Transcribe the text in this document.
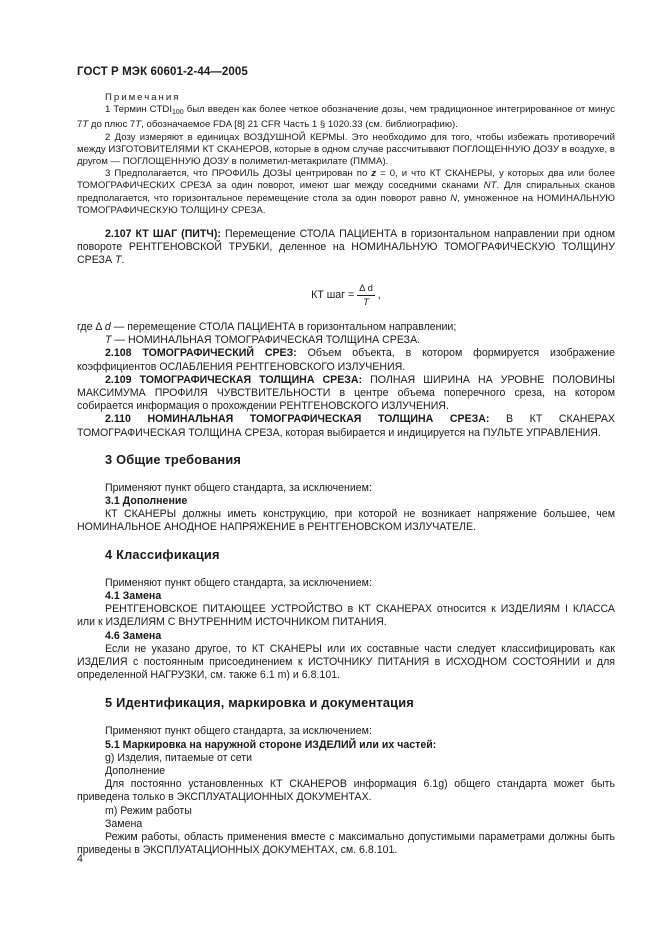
ГОСТ Р МЭК 60601-2-44—2005

Примечания

1 Термин $CTDI_{100}$ был введен как более четкое обозначение дозы, чем традиционное интегрированное от минус 7T до плюс 7T, обозначаемое FDA [8] 21 CFR Часть 1 § 1020.33 (см. библиографию).

2 Дозу измеряют в единицах ВОЗДУШНОЙ КЕРМЫ. Это необходимо для того, чтобы избежать противоречий между ИЗГОТОВИТЕЛЯМИ КТ СКАНЕРОВ, которые в одном случае рассчитывают ПОГЛОЩЕННУЮ ДОЗУ в воздухе, в другом — ПОГЛОЩЕННУЮ ДОЗУ в полиметил-метакрилате (ПММА).

3 Предполагается, что ПРОФИЛЬ ДОЗЫ центрирован по z = 0, и что КТ СКАНЕРЫ, у которых два или более ТОМОГРАФИЧЕСКИХ СРЕЗА за один поворот, имеют шаг между соседними сканами NT. Для спиральных сканов предполагается, что горизонтальное перемещение стола за один поворот равно N, умноженное на НОМИНАЛЬНУЮ ТОМОГРАФИЧЕСКУЮ ТОЛЩИНУ СРЕЗА.

2.107 КТ ШАГ (ПИТЧ): Перемещение СТОЛА ПАЦИЕНТА в горизонтальном направлении при одном повороте РЕНТГЕНОВСКОЙ ТРУБКИ, деленное на НОМИНАЛЬНУЮ ТОМОГРАФИЧЕСКУЮ ТОЛЩИНУ СРЕЗА T.

КТ шаг = $\frac{\text{Δ d}}{T}$ ,

где Δ d — перемещение СТОЛА ПАЦИЕНТА в горизонтальном направлении;

T — НОМИНАЛЬНАЯ ТОМОГРАФИЧЕСКАЯ ТОЛЩИНА СРЕЗА.

2.108 ТОМОГРАФИЧЕСКИЙ СРЕЗ: Объем объекта, в котором формируется изображение коэффициентов ОСЛАБЛЕНИЯ РЕНТГЕНОВСКОГО ИЗЛУЧЕНИЯ.

2.109 ТОМОГРАФИЧЕСКАЯ ТОЛЩИНА СРЕЗА: ПОЛНАЯ ШИРИНА НА УРОВНЕ ПОЛОВИНЫ МАКСИМУМА ПРОФИЛЯ ЧУВСТВИТЕЛЬНОСТИ в центре объема поперечного среза, на котором собирается информация о прохождении РЕНТГЕНОВСКОГО ИЗЛУЧЕНИЯ.

2.110 НОМИНАЛЬНАЯ ТОМОГРАФИЧЕСКАЯ ТОЛЩИНА СРЕЗА: В КТ СКАНЕРАХ ТОМОГРАФИЧЕСКАЯ ТОЛЩИНА СРЕЗА, которая выбирается и индицируется на ПУЛЬТЕ УПРАВЛЕНИЯ.

3 Общие требования

Применяют пункт общего стандарта, за исключением:

3.1 Дополнение

КТ СКАНЕРЫ должны иметь конструкцию, при которой не возникает напряжение большее, чем НОМИНАЛЬНОЕ АНОДНОЕ НАПРЯЖЕНИЕ в РЕНТГЕНОВСКОМ ИЗЛУЧАТЕЛЕ.

4 Классификация

Применяют пункт общего стандарта, за исключением:

4.1 Замена

РЕНТГЕНОВСКОЕ ПИТАЮЩЕЕ УСТРОЙСТВО в КТ СКАНЕРАХ относится к ИЗДЕЛИЯМ I КЛАССА или к ИЗДЕЛИЯМ С ВНУТРЕННИМ ИСТОЧНИКОМ ПИТАНИЯ.

4.6 Замена

Если не указано другое, то КТ СКАНЕРЫ или их составные части следует классифицировать как ИЗДЕЛИЯ с постоянным присоединением к ИСТОЧНИКУ ПИТАНИЯ в ИСХОДНОМ СОСТОЯНИИ и для определенной НАГРУЗКИ, см. также 6.1 m) и 6.8.101.

5 Идентификация, маркировка и документация

Применяют пункт общего стандарта, за исключением:

5.1 Маркировка на наружной стороне ИЗДЕЛИЙ или их частей:

g) Изделия, питаемые от сети

Дополнение

Для постоянно установленных КТ СКАНЕРОВ информация 6.1g) общего стандарта может быть приведена только в ЭКСПЛУАТАЦИОННЫХ ДОКУМЕНТАХ.

m) Режим работы

Замена

Режим работы, область применения вместе с максимально допустимыми параметрами должны быть приведены в ЭКСПЛУАТАЦИОННЫХ ДОКУМЕНТАХ, см. 6.8.101.

4
